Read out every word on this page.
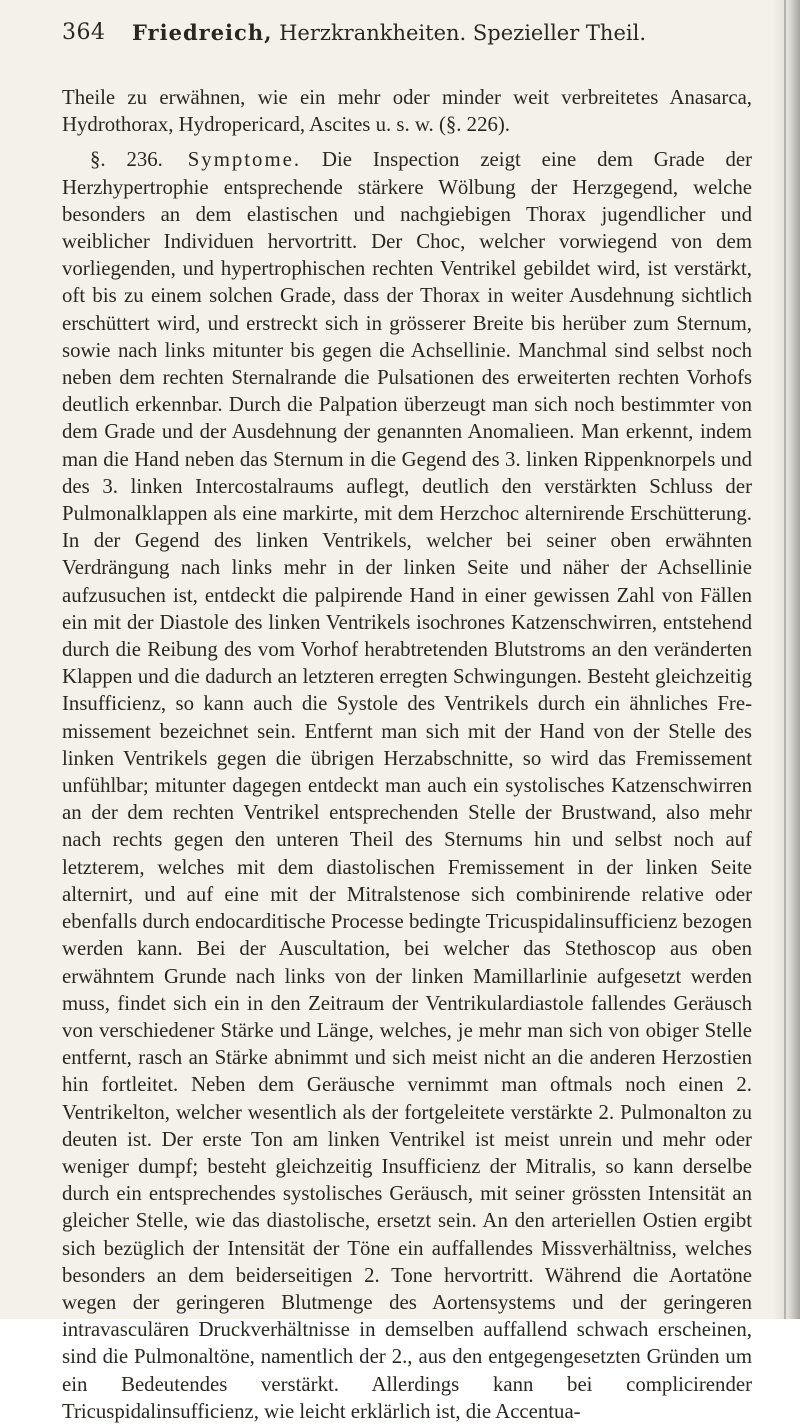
364 Friedreich, Herzkrankheiten. Spezieller Theil.

Theile zu erwähnen, wie ein mehr oder minder weit verbreitetes Anasarca, Hydrothorax, Hydropericard, Ascites u. s. w. (§. 226).

§. 236. Symptome. Die Inspection zeigt eine dem Grade der Herzhypertrophie entsprechende stärkere Wölbung der Herzgegend, welche besonders an dem elastischen und nachgiebigen Thorax jugendlicher und weiblicher Individuen hervortritt. Der Choc, welcher vorwiegend von dem vorliegenden, und hypertrophischen rechten Ventrikel gebildet wird, ist verstärkt, oft bis zu einem solchen Grade, dass der Thorax in weiter Ausdehnung sichtlich erschüttert wird, und erstreckt sich in grösserer Breite bis herüber zum Sternum, sowie nach links mitunter bis gegen die Achsellinie. Manchmal sind selbst noch neben dem rechten Sternalrande die Pulsationen des erweiterten rechten Vorhofs deutlich erkennbar. Durch die Palpation überzeugt man sich noch bestimmter von dem Grade und der Ausdehnung der genannten Anomalieen. Man erkennt, indem man die Hand neben das Sternum in die Gegend des 3. linken Rippenknorpels und des 3. linken Intercostalraums auflegt, deutlich den verstärkten Schluss der Pulmonalklappen als eine markirte, mit dem Herzchoc alternirende Erschütterung. In der Gegend des linken Ventrikels, welcher bei seiner oben erwähnten Verdrängung nach links mehr in der linken Seite und näher der Achsellinie aufzusuchen ist, entdeckt die palpirende Hand in einer gewissen Zahl von Fällen ein mit der Diastole des linken Ventrikels isochrones Katzenschwirren, entstehend durch die Reibung des vom Vorhof herabtretenden Blutstroms an den veränderten Klappen und die dadurch an letzteren erregten Schwingungen. Besteht gleichzeitig Insufficienz, so kann auch die Systole des Ventrikels durch ein ähnliches Fremissement bezeichnet sein. Entfernt man sich mit der Hand von der Stelle des linken Ventrikels gegen die übrigen Herzabschnitte, so wird das Fremissement unfühlbar; mitunter dagegen entdeckt man auch ein systolisches Katzenschwirren an der dem rechten Ventrikel entsprechenden Stelle der Brustwand, also mehr nach rechts gegen den unteren Theil des Sternums hin und selbst noch auf letzterem, welches mit dem diastolischen Fremissement in der linken Seite alternirt, und auf eine mit der Mitralstenose sich combinirende relative oder ebenfalls durch endocarditische Processe bedingte Tricuspidalinsufficienz bezogen werden kann. Bei der Auscultation, bei welcher das Stethoscop aus oben erwähntem Grunde nach links von der linken Mamillarlinie aufgesetzt werden muss, findet sich ein in den Zeitraum der Ventrikulardiastole fallendes Geräusch von verschiedener Stärke und Länge, welches, je mehr man sich von obiger Stelle entfernt, rasch an Stärke abnimmt und sich meist nicht an die anderen Herzostien hin fortleitet. Neben dem Geräusche vernimmt man oftmals noch einen 2. Ventrikelton, welcher wesentlich als der fortgeleitete verstärkte 2. Pulmonalton zu deuten ist. Der erste Ton am linken Ventrikel ist meist unrein und mehr oder weniger dumpf; besteht gleichzeitig Insufficienz der Mitralis, so kann derselbe durch ein entsprechendes systolisches Geräusch, mit seiner grössten Intensität an gleicher Stelle, wie das diastolische, ersetzt sein. An den arteriellen Ostien ergibt sich bezüglich der Intensität der Töne ein auffallendes Missverhältniss, welches besonders an dem beiderseitigen 2. Tone hervortritt. Während die Aortatöne wegen der geringeren Blutmenge des Aortensystems und der geringeren intravasculären Druckverhältnisse in demselben auffallend schwach erscheinen, sind die Pulmonaltöne, namentlich der 2., aus den entgegengesetzten Gründen um ein Bedeutendes verstärkt. Allerdings kann bei complicirender Tricuspidalinsufficienz, wie leicht erklärlich ist, die Accentua-
